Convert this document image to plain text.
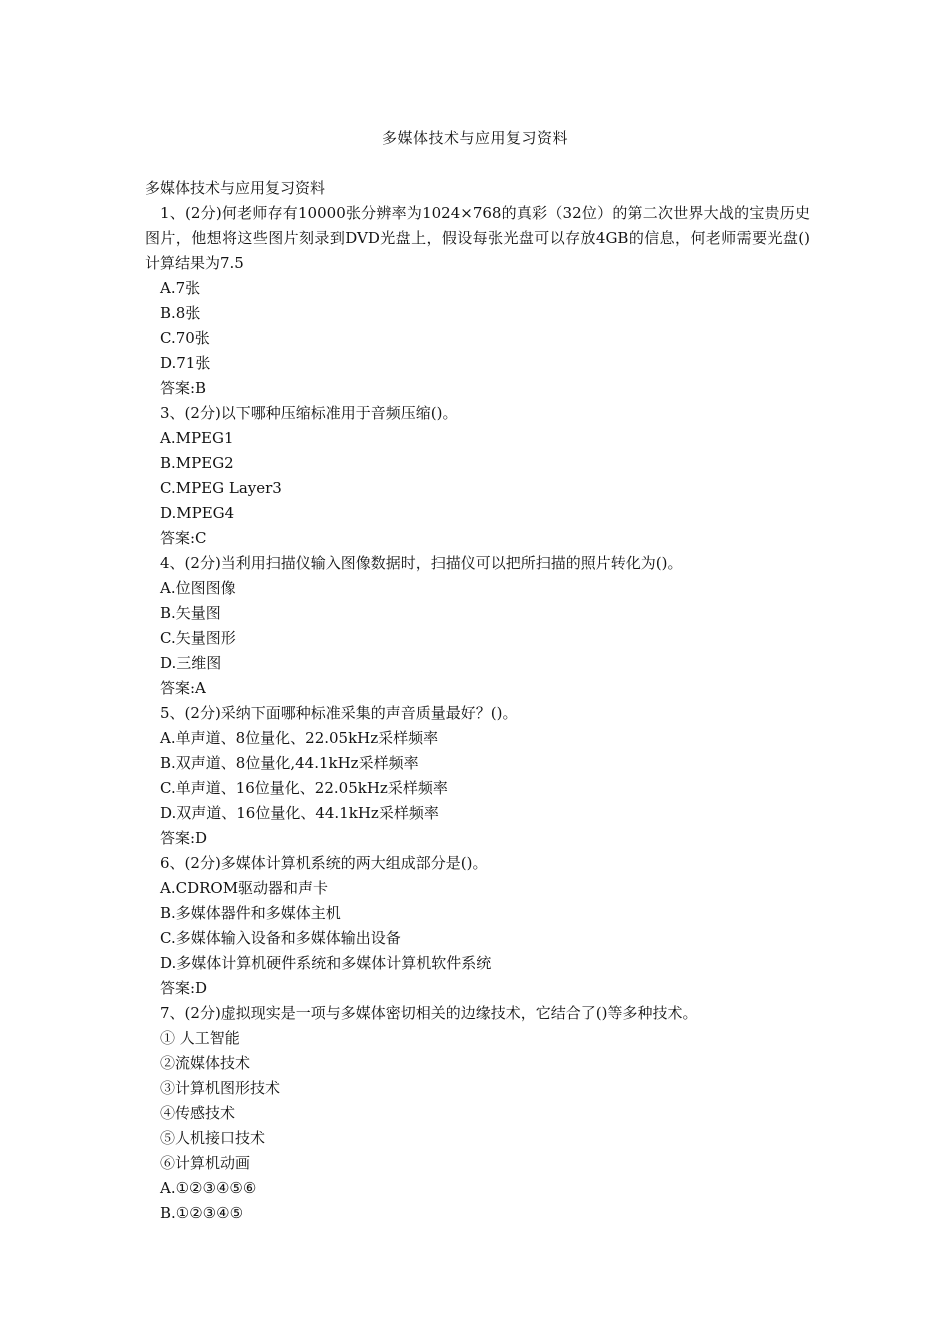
多媒体技术与应用复习资料

多媒体技术与应用复习资料

1、(2分)何老师存有10000张分辨率为1024×768的真彩（32位）的第二次世界大战的宝贵历史图片，他想将这些图片刻录到DVD光盘上，假设每张光盘可以存放4GB的信息，何老师需要光盘() 计算结果为7.5

A.7张

B.8张

C.70张

D.71张

答案:B

3、(2分)以下哪种压缩标准用于音频压缩()。

A.MPEG1

B.MPEG2

C.MPEG Layer3

D.MPEG4

答案:C

4、(2分)当利用扫描仪输入图像数据时，扫描仪可以把所扫描的照片转化为()。

A.位图图像

B.矢量图

C.矢量图形

D.三维图

答案:A

5、(2分)采纳下面哪种标准采集的声音质量最好？()。

A.单声道、8位量化、22.05kHz采样频率

B.双声道、8位量化,44.1kHz采样频率

C.单声道、16位量化、22.05kHz采样频率

D.双声道、16位量化、44.1kHz采样频率

答案:D

6、(2分)多媒体计算机系统的两大组成部分是()。

A.CDROM驱动器和声卡

B.多媒体器件和多媒体主机

C.多媒体输入设备和多媒体输出设备

D.多媒体计算机硬件系统和多媒体计算机软件系统

答案:D

7、(2分)虚拟现实是一项与多媒体密切相关的边缘技术，它结合了()等多种技术。

① 人工智能

②流媒体技术

③计算机图形技术

④传感技术

⑤人机接口技术

⑥计算机动画

A.①②③④⑤⑥

B.①②③④⑤
